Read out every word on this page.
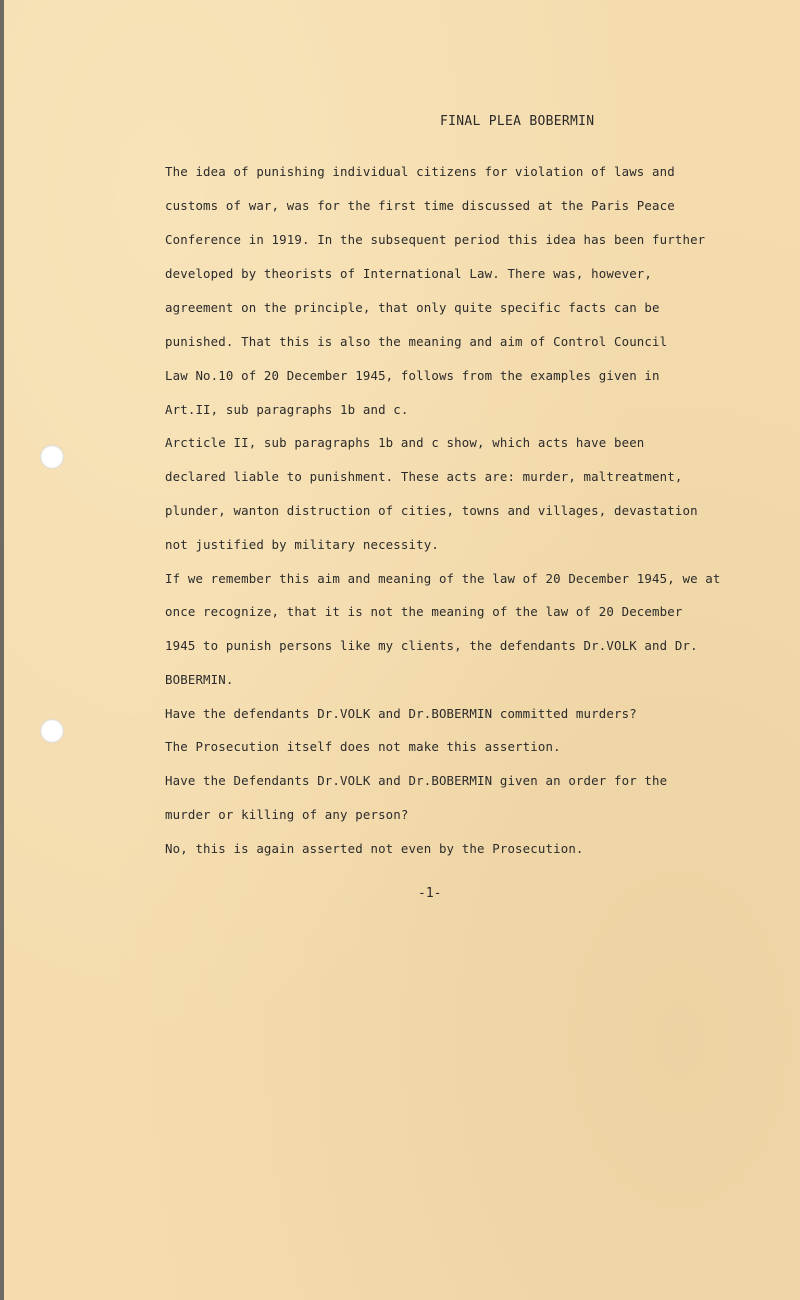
FINAL PLEA BOBERMIN
The idea of punishing individual citizens for violation of laws and
customs of war, was for the first time discussed at the Paris Peace
Conference in 1919. In the subsequent period this idea has been further
developed by theorists of International Law. There was, however,
agreement on the principle, that only quite specific facts can be
punished. That this is also the meaning and aim of Control Council
Law No.10 of 20 December 1945, follows from the examples given in
Art.II, sub paragraphs 1b and c.
Arcticle II, sub paragraphs 1b and c show, which acts have been
declared liable to punishment. These acts are: murder, maltreatment,
plunder, wanton distruction of cities, towns and villages, devastation
not justified by military necessity.
If we remember this aim and meaning of the law of 20 December 1945, we at
once recognize, that it is not the meaning of the law of 20 December
1945 to punish persons like my clients, the defendants Dr.VOLK and Dr.
BOBERMIN.
Have the defendants Dr.VOLK and Dr.BOBERMIN committed murders?
The Prosecution itself does not make this assertion.
Have the Defendants Dr.VOLK and Dr.BOBERMIN given an order for the
murder or killing of any person?
No, this is again asserted not even by the Prosecution.
-1-
